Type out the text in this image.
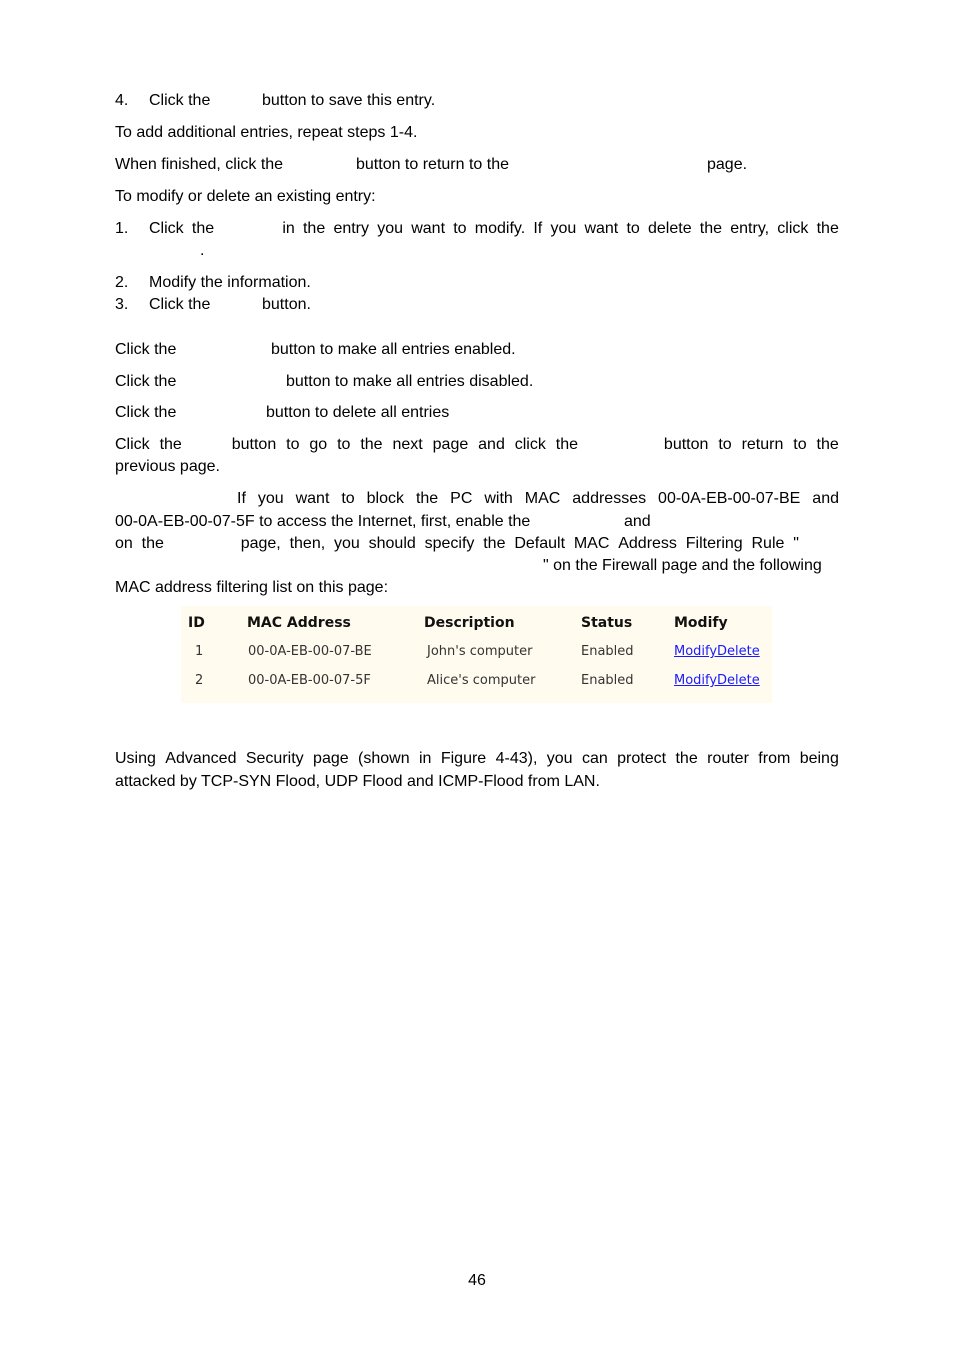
4. Click the	button to save this entry.
To add additional entries, repeat steps 1-4.
When finished, click the	button to return to the	page.
To modify or delete an existing entry:
1. Click the	in the entry you want to modify. If you want to delete the entry, click the
.
2. Modify the information.
3. Click the	button.
Click the	button to make all entries enabled.
Click the	button to make all entries disabled.
Click the	button to delete all entries
Click the	button to go to the next page and click the	button to return to the
previous page.
If you want to block the PC with MAC addresses 00-0A-EB-00-07-BE and
00-0A-EB-00-07-5F to access the Internet, first, enable the	and
on the	page, then, you should specify the Default MAC Address Filtering Rule "
" on the Firewall page and the following
MAC address filtering list on this page:
ID	MAC Address	Description	Status	Modify
1	00-0A-EB-00-07-BE	John's computer	Enabled	Modify Delete
2	00-0A-EB-00-07-5F	Alice's computer	Enabled	Modify Delete
Using Advanced Security page (shown in Figure 4-43), you can protect the router from being
attacked by TCP-SYN Flood, UDP Flood and ICMP-Flood from LAN.
46
